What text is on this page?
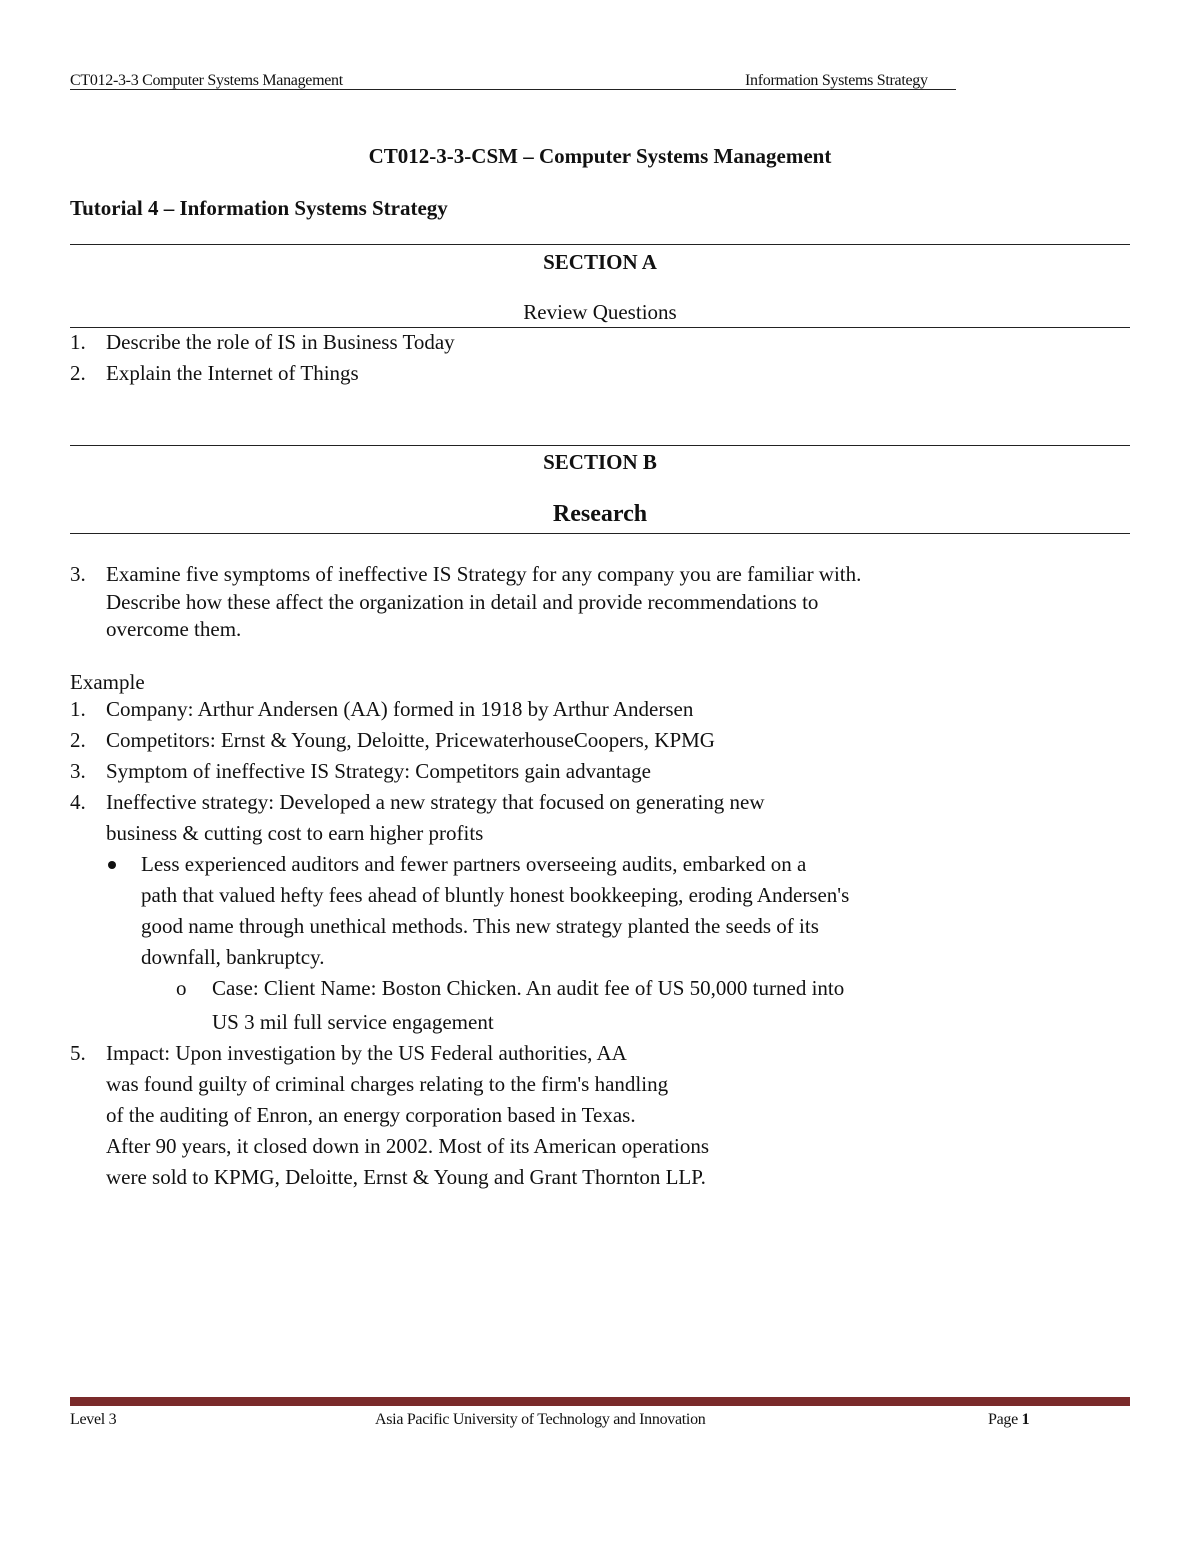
CT012-3-3 Computer Systems Management	Information Systems Strategy
CT012-3-3-CSM – Computer Systems Management
Tutorial 4 – Information Systems Strategy
SECTION A
Review Questions
1. Describe the role of IS in Business Today
2. Explain the Internet of Things
SECTION B
Research
3. Examine five symptoms of ineffective IS Strategy for any company you are familiar with.
Describe how these affect the organization in detail and provide recommendations to
overcome them.
Example
1. Company: Arthur Andersen (AA) formed in 1918 by Arthur Andersen
2. Competitors: Ernst & Young, Deloitte, PricewaterhouseCoopers, KPMG
3. Symptom of ineffective IS Strategy: Competitors gain advantage
4. Ineffective strategy: Developed a new strategy that focused on generating new
business & cutting cost to earn higher profits
Less experienced auditors and fewer partners overseeing audits, embarked on a
path that valued hefty fees ahead of bluntly honest bookkeeping, eroding Andersen's
good name through unethical methods. This new strategy planted the seeds of its
downfall, bankruptcy.
o Case: Client Name: Boston Chicken. An audit fee of US 50,000 turned into
US 3 mil full service engagement
5. Impact: Upon investigation by the US Federal authorities, AA
was found guilty of criminal charges relating to the firm's handling
of the auditing of Enron, an energy corporation based in Texas.
After 90 years, it closed down in 2002. Most of its American operations
were sold to KPMG, Deloitte, Ernst & Young and Grant Thornton LLP.
Level 3	Asia Pacific University of Technology and Innovation	Page 1
